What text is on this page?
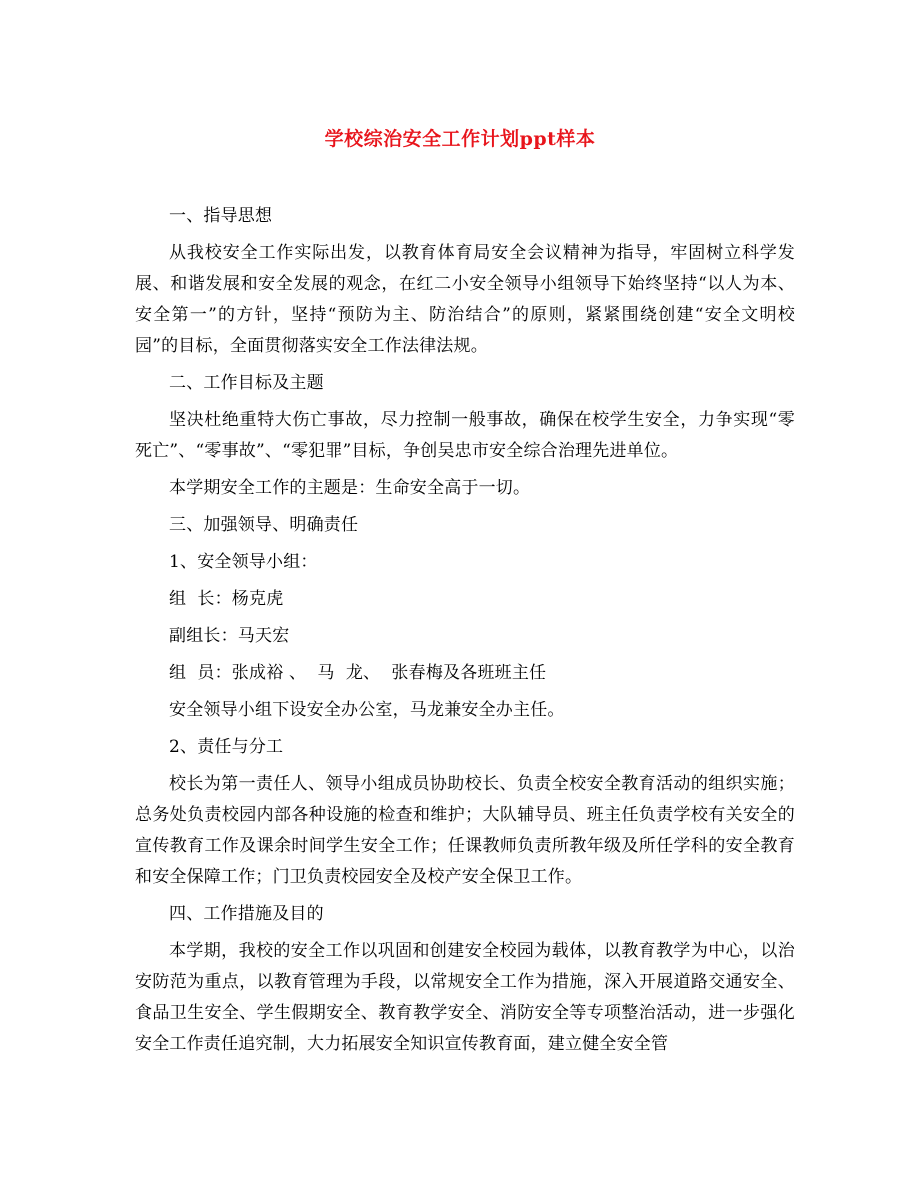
学校综治安全工作计划ppt样本

一、指导思想

从我校安全工作实际出发，以教育体育局安全会议精神为指导，牢固树立科学发展、和谐发展和安全发展的观念，在红二小安全领导小组领导下始终坚持“以人为本、安全第一”的方针，坚持“预防为主、防治结合”的原则，紧紧围绕创建“安全文明校园”的目标，全面贯彻落实安全工作法律法规。

二、工作目标及主题

坚决杜绝重特大伤亡事故，尽力控制一般事故，确保在校学生安全，力争实现“零死亡”、“零事故”、“零犯罪”目标，争创吴忠市安全综合治理先进单位。

本学期安全工作的主题是：生命安全高于一切。

三、加强领导、明确责任

1、安全领导小组：

组  长：杨克虎

副组长：马天宏

组  员：张成裕 、  马  龙、  张春梅及各班班主任

安全领导小组下设安全办公室，马龙兼安全办主任。

2、责任与分工

校长为第一责任人、领导小组成员协助校长、负责全校安全教育活动的组织实施；总务处负责校园内部各种设施的检查和维护；大队辅导员、班主任负责学校有关安全的宣传教育工作及课余时间学生安全工作；任课教师负责所教年级及所任学科的安全教育和安全保障工作；门卫负责校园安全及校产安全保卫工作。

四、工作措施及目的

本学期，我校的安全工作以巩固和创建安全校园为载体，以教育教学为中心，以治安防范为重点，以教育管理为手段，以常规安全工作为措施，深入开展道路交通安全、食品卫生安全、学生假期安全、教育教学安全、消防安全等专项整治活动，进一步强化安全工作责任追究制，大力拓展安全知识宣传教育面，建立健全安全管
